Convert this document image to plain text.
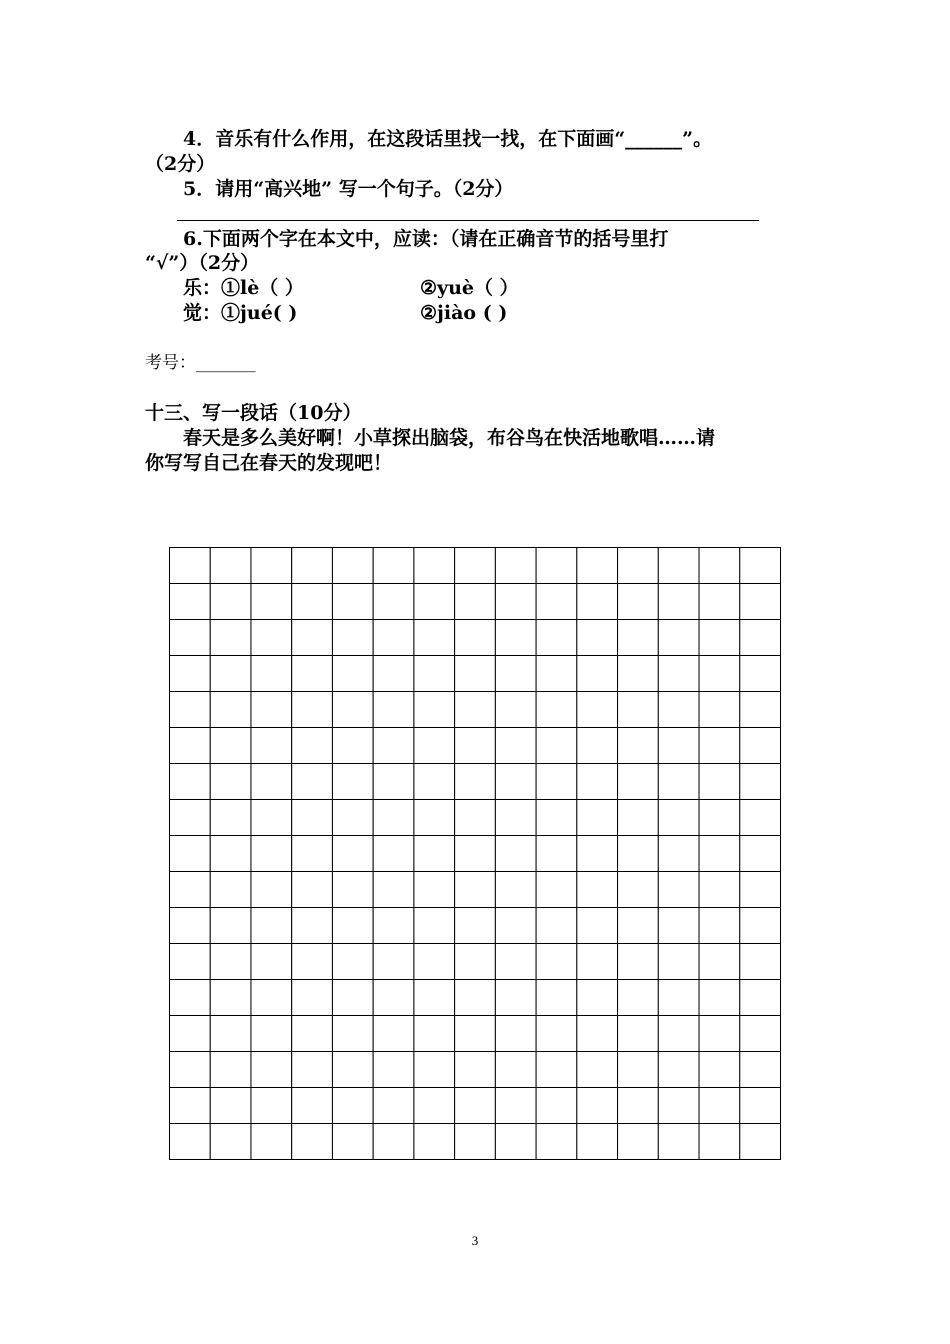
4．音乐有什么作用，在这段话里找一找，在下面画“______”。
（2分）
5．请用“高兴地” 写一个句子。（2分）
6.下面两个字在本文中，应读：（请在正确音节的括号里打
“√”）（2分）
乐：①lè（ ）	②yuè（ ）
觉：①jué( )	②jiào ( )
考号：_______
十三、写一段话（10分）
春天是多么美好啊！小草探出脑袋，布谷鸟在快活地歌唱……请
你写写自己在春天的发现吧！
3
